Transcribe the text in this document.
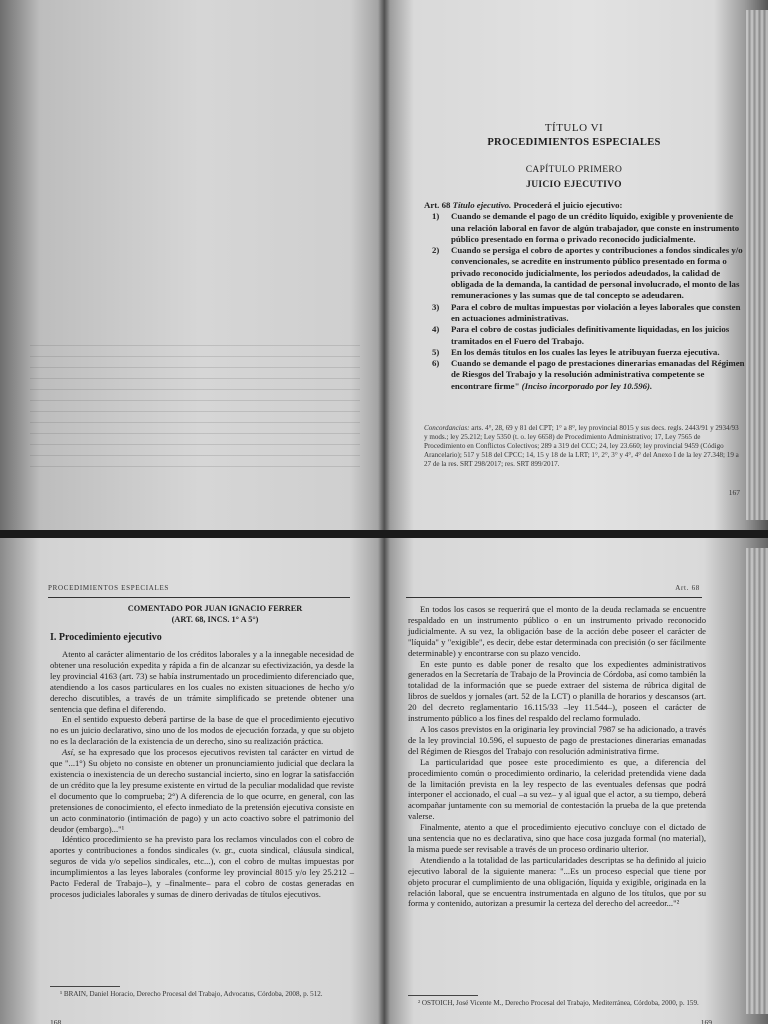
TÍTULO VI
PROCEDIMIENTOS ESPECIALES
CAPÍTULO PRIMERO
JUICIO EJECUTIVO
Art. 68 Título ejecutivo. Procederá el juicio ejecutivo:
1) Cuando se demande el pago de un crédito líquido, exigible y proveniente de una relación laboral en favor de algún trabajador, que conste en instrumento público presentado en forma o privado reconocido judicialmente.
2) Cuando se persiga el cobro de aportes y contribuciones a fondos sindicales y/o convencionales, se acredite en instrumento público presentado en forma o privado reconocido judicialmente, los periodos adeudados, la calidad de obligada de la demanda, la cantidad de personal involucrado, el monto de las remuneraciones y las sumas que de tal concepto se adeudaren.
3) Para el cobro de multas impuestas por violación a leyes laborales que consten en actuaciones administrativas.
4) Para el cobro de costas judiciales definitivamente liquidadas, en los juicios tramitados en el Fuero del Trabajo.
5) En los demás títulos en los cuales las leyes le atribuyan fuerza ejecutiva.
6) Cuando se demande el pago de prestaciones dinerarias emanadas del Régimen de Riesgos del Trabajo y la resolución administrativa competente se encontrare firme" (Inciso incorporado por ley 10.596).
Concordancias: arts. 4°, 28, 69 y 81 del CPT; 1° a 8°, ley provincial 8015 y sus decs. regls. 2443/91 y 2934/93 y mods.; ley 25.212; Ley 5350 (t. o. ley 6658) de Procedimiento Administrativo; 17, Ley 7565 de Procedimiento en Conflictos Colectivos; 289 a 319 del CCC; 24, ley 23.660; ley provincial 9459 (Código Arancelario); 517 y 518 del CPCC; 14, 15 y 18 de la LRT; 1°, 2°, 3° y 4°, 4° del Anexo I de la ley 27.348; 19 a 27 de la res. SRT 298/2017; res. SRT 899/2017.
167
PROCEDIMIENTOS ESPECIALES
COMENTADO POR JUAN IGNACIO FERRER
(ART. 68, INCS. 1° A 5°)
I. Procedimiento ejecutivo

Atento al carácter alimentario de los créditos laborales y a la innegable necesidad de obtener una resolución expedita y rápida a fin de alcanzar su efectivización, ya desde la ley provincial 4163 (art. 73) se había instrumentado un procedimiento diferenciado que, atendiendo a los casos particulares en los cuales no existen situaciones de hecho y/o derecho discutibles, a través de un trámite simplificado se pretende obtener una sentencia que defina el diferendo.

En el sentido expuesto deberá partirse de la base de que el procedimiento ejecutivo no es un juicio declarativo, sino uno de los modos de ejecución forzada, y que su objeto no es la declaración de la existencia de un derecho, sino su realización práctica.

Así, se ha expresado que los procesos ejecutivos revisten tal carácter en virtud de que "...1°) Su objeto no consiste en obtener un pronunciamiento judicial que declara la existencia o inexistencia de un derecho sustancial incierto, sino en lograr la satisfacción de un crédito que la ley presume existente en virtud de la peculiar modalidad que reviste el documento que lo comprueba; 2°) A diferencia de lo que ocurre, en general, con las pretensiones de conocimiento, el efecto inmediato de la pretensión ejecutiva consiste en un acto conminatorio (intimación de pago) y un acto coactivo sobre el patrimonio del deudor (embargo)..."¹

Idéntico procedimiento se ha previsto para los reclamos vinculados con el cobro de aportes y contribuciones a fondos sindicales (v. gr., cuota sindical, cláusula sindical, seguros de vida y/o sepelios sindicales, etc...), con el cobro de multas impuestas por incumplimientos a las leyes laborales (conforme ley provincial 8015 y/o ley 25.212 –Pacto Federal de Trabajo–), y –finalmente– para el cobro de costas generadas en procesos judiciales laborales y sumas de dinero derivadas de títulos ejecutivos.

¹ BRAIN, Daniel Horacio, Derecho Procesal del Trabajo, Advocatus, Córdoba, 2008, p. 512.
168
Art. 68

En todos los casos se requerirá que el monto de la deuda reclamada se encuentre respaldado en un instrumento público o en un instrumento privado reconocido judicialmente. A su vez, la obligación base de la acción debe poseer el carácter de "líquida" y "exigible", es decir, debe estar determinada con precisión (o ser fácilmente determinable) y encontrarse con su plazo vencido.

En este punto es dable poner de resalto que los expedientes administrativos generados en la Secretaría de Trabajo de la Provincia de Córdoba, así como también la totalidad de la información que se puede extraer del sistema de rúbrica digital de libros de sueldos y jornales (art. 52 de la LCT) o planilla de horarios y descansos (art. 20 del decreto reglamentario 16.115/33 –ley 11.544–), poseen el carácter de instrumento público a los fines del respaldo del reclamo formulado.

A los casos previstos en la originaria ley provincial 7987 se ha adicionado, a través de la ley provincial 10.596, el supuesto de pago de prestaciones dinerarias emanadas del Régimen de Riesgos del Trabajo con resolución administrativa firme.

La particularidad que posee este procedimiento es que, a diferencia del procedimiento común o procedimiento ordinario, la celeridad pretendida viene dada de la limitación prevista en la ley respecto de las eventuales defensas que podrá interponer el accionado, el cual –a su vez– y al igual que el actor, a su tiempo, deberá acompañar juntamente con su memorial de contestación la prueba de la que pretenda valerse.

Finalmente, atento a que el procedimiento ejecutivo concluye con el dictado de una sentencia que no es declarativa, sino que hace cosa juzgada formal (no material), la misma puede ser revisable a través de un proceso ordinario ulterior.

Atendiendo a la totalidad de las particularidades descriptas se ha definido al juicio ejecutivo laboral de la siguiente manera: "...Es un proceso especial que tiene por objeto procurar el cumplimiento de una obligación, líquida y exigible, originada en la relación laboral, que se encuentra instrumentada en alguno de los títulos, que por su forma y contenido, autorizan a presumir la certeza del derecho del acreedor..."²

² OSTOICH, José Vicente M., Derecho Procesal del Trabajo, Mediterránea, Córdoba, 2000, p. 159.
169
